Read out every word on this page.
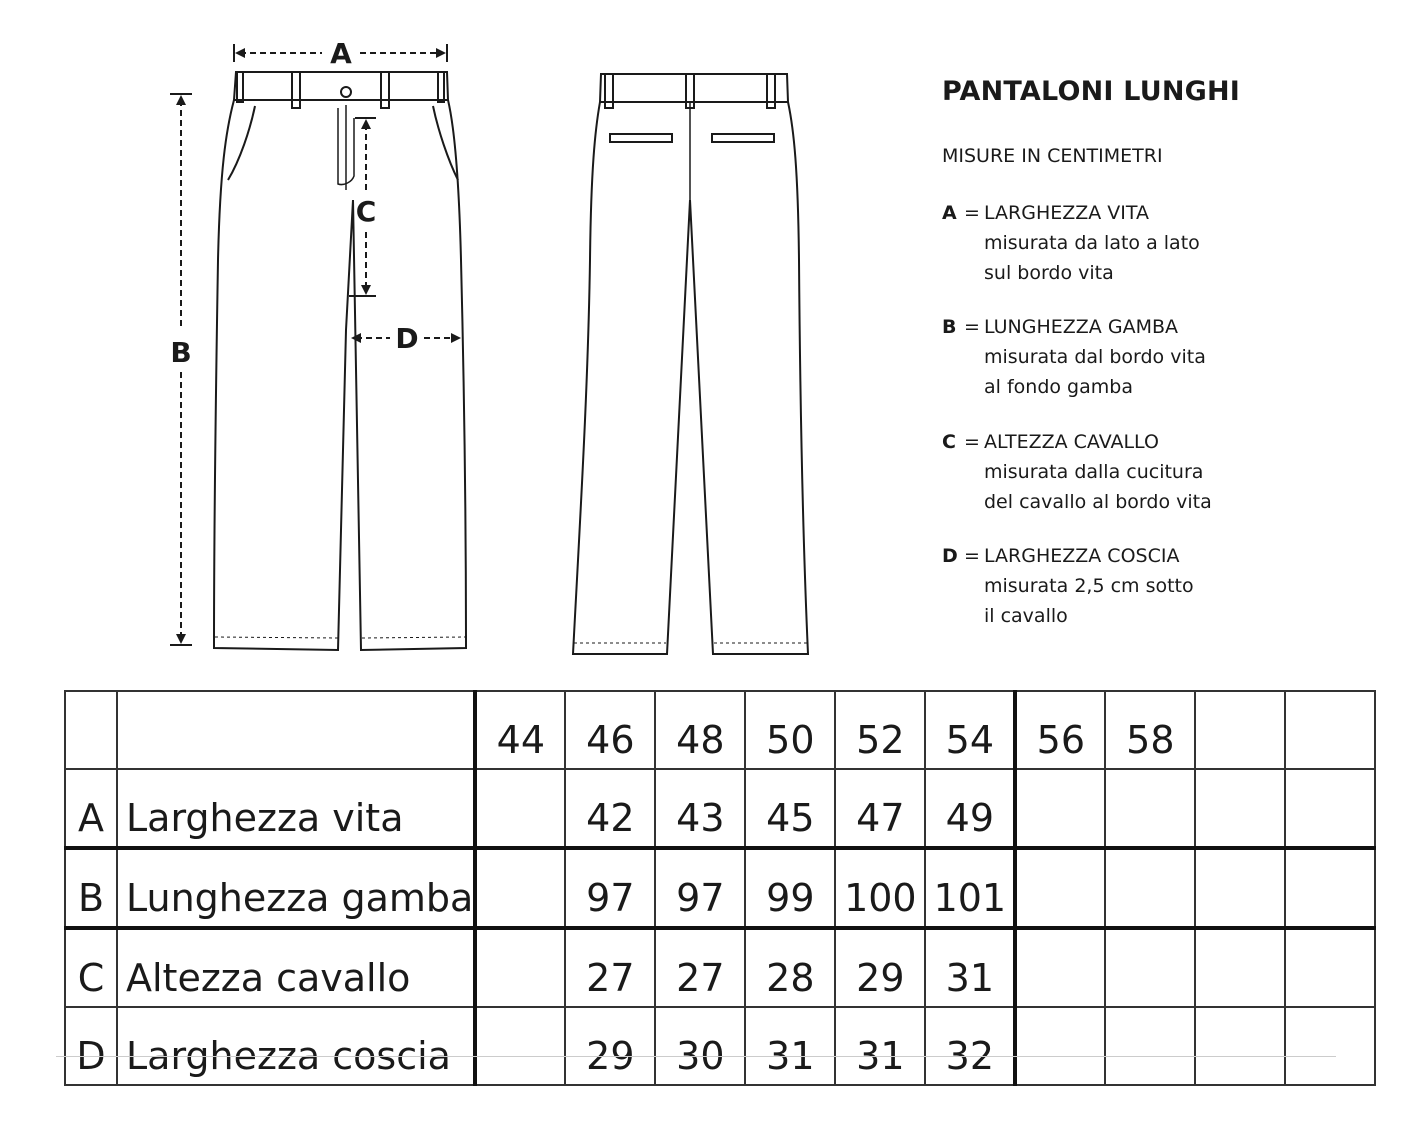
A
B
C
D
PANTALONI LUNGHI
MISURE IN CENTIMETRI
A = LARGHEZZA VITA
misurata da lato a lato
sul bordo vita
B = LUNGHEZZA GAMBA
misurata dal bordo vita
al fondo gamba
C = ALTEZZA CAVALLO
misurata dalla cucitura
del cavallo al bordo vita
D = LARGHEZZA COSCIA
misurata 2,5 cm sotto
il cavallo
		44	46	48	50	52	54	56	58		
A	Larghezza vita		42	43	45	47	49				
B	Lunghezza gamba		97	97	99	100	101				
C	Altezza cavallo		27	27	28	29	31				
D	Larghezza coscia		29	30	31	31	32				
